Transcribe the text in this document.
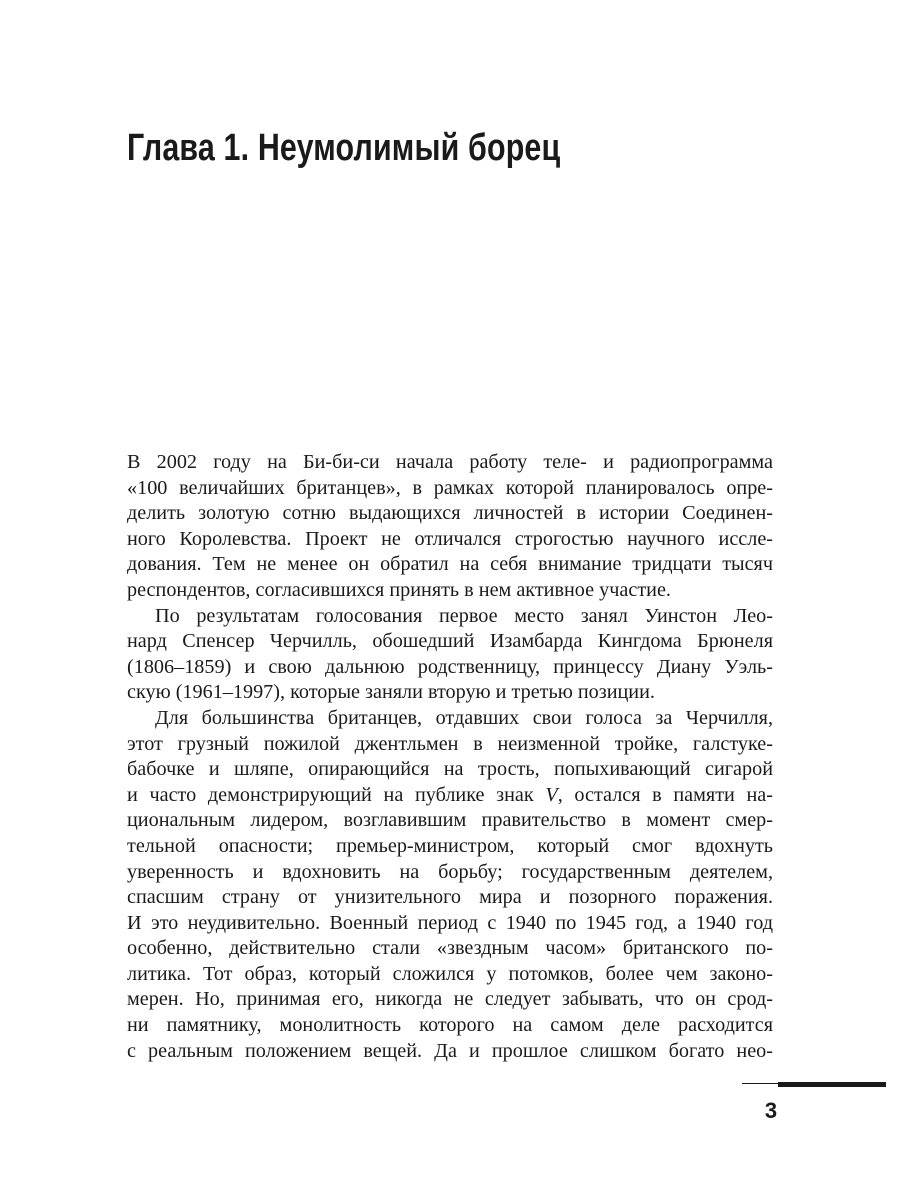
Глава 1. Неумолимый борец
В 2002 году на Би-би-си начала работу теле- и радиопрограмма
«100 величайших британцев», в рамках которой планировалось опре-
делить золотую сотню выдающихся личностей в истории Соединен-
ного Королевства. Проект не отличался строгостью научного иссле-
дования. Тем не менее он обратил на себя внимание тридцати тысяч
респондентов, согласившихся принять в нем активное участие.
По результатам голосования первое место занял Уинстон Лео-
нард Спенсер Черчилль, обошедший Изамбарда Кингдома Брюнеля
(1806–1859) и свою дальнюю родственницу, принцессу Диану Уэль-
скую (1961–1997), которые заняли вторую и третью позиции.
Для большинства британцев, отдавших свои голоса за Черчилля,
этот грузный пожилой джентльмен в неизменной тройке, галстуке-
бабочке и шляпе, опирающийся на трость, попыхивающий сигарой
и часто демонстрирующий на публике знак V, остался в памяти на-
циональным лидером, возглавившим правительство в момент смер-
тельной опасности; премьер-министром, который смог вдохнуть
уверенность и вдохновить на борьбу; государственным деятелем,
спасшим страну от унизительного мира и позорного поражения.
И это неудивительно. Военный период с 1940 по 1945 год, а 1940 год
особенно, действительно стали «звездным часом» британского по-
литика. Тот образ, который сложился у потомков, более чем законо-
мерен. Но, принимая его, никогда не следует забывать, что он срод-
ни памятнику, монолитность которого на самом деле расходится
с реальным положением вещей. Да и прошлое слишком богато нео-
3
